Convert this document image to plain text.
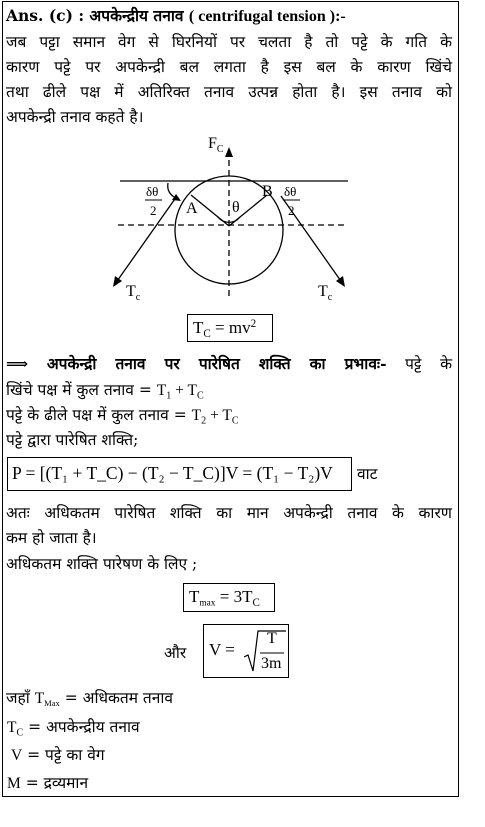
Ans. (c) : अपकेन्द्रीय तनाव ( centrifugal tension ):-
जब पट्टा समान वेग से घिरनियों पर चलता है तो पट्टे के गति के
कारण पट्टे पर अपकेन्द्री बल लगता है इस बल के कारण खिंचे
तथा ढीले पक्ष में अतिरिक्त तनाव उत्पन्न होता है। इस तनाव को
अपकेन्द्री तनाव कहते है।
$F_C$
A
B
θ
δθ
2
δθ
2
$T_c$	$T_c$
$T_C = mv^2$
⟹ अपकेन्द्री तनाव पर पारेषित शक्ति का प्रभावः- पट्टे के
खिंचे पक्ष में कुल तनाव = $T_1 + T_C$
पट्टे के ढीले पक्ष में कुल तनाव = $T_2 + T_C$
पट्टे द्वारा पारेषित शक्ति;
P = [(T₁ + T_C) − (T₂ − T_C)]V = (T₁ − T₂)V	वाट
अतः अधिकतम पारेषित शक्ति का मान अपकेन्द्री तनाव के कारण
कम हो जाता है।
अधिकतम शक्ति पारेषण के लिए ;
$T_{max} = 3T_C$
और V =
T
3m
जहाँ $T_{Max}$ = अधिकतम तनाव
$T_C$ = अपकेन्द्रीय तनाव
V = पट्टे का वेग
M = द्रव्यमान
